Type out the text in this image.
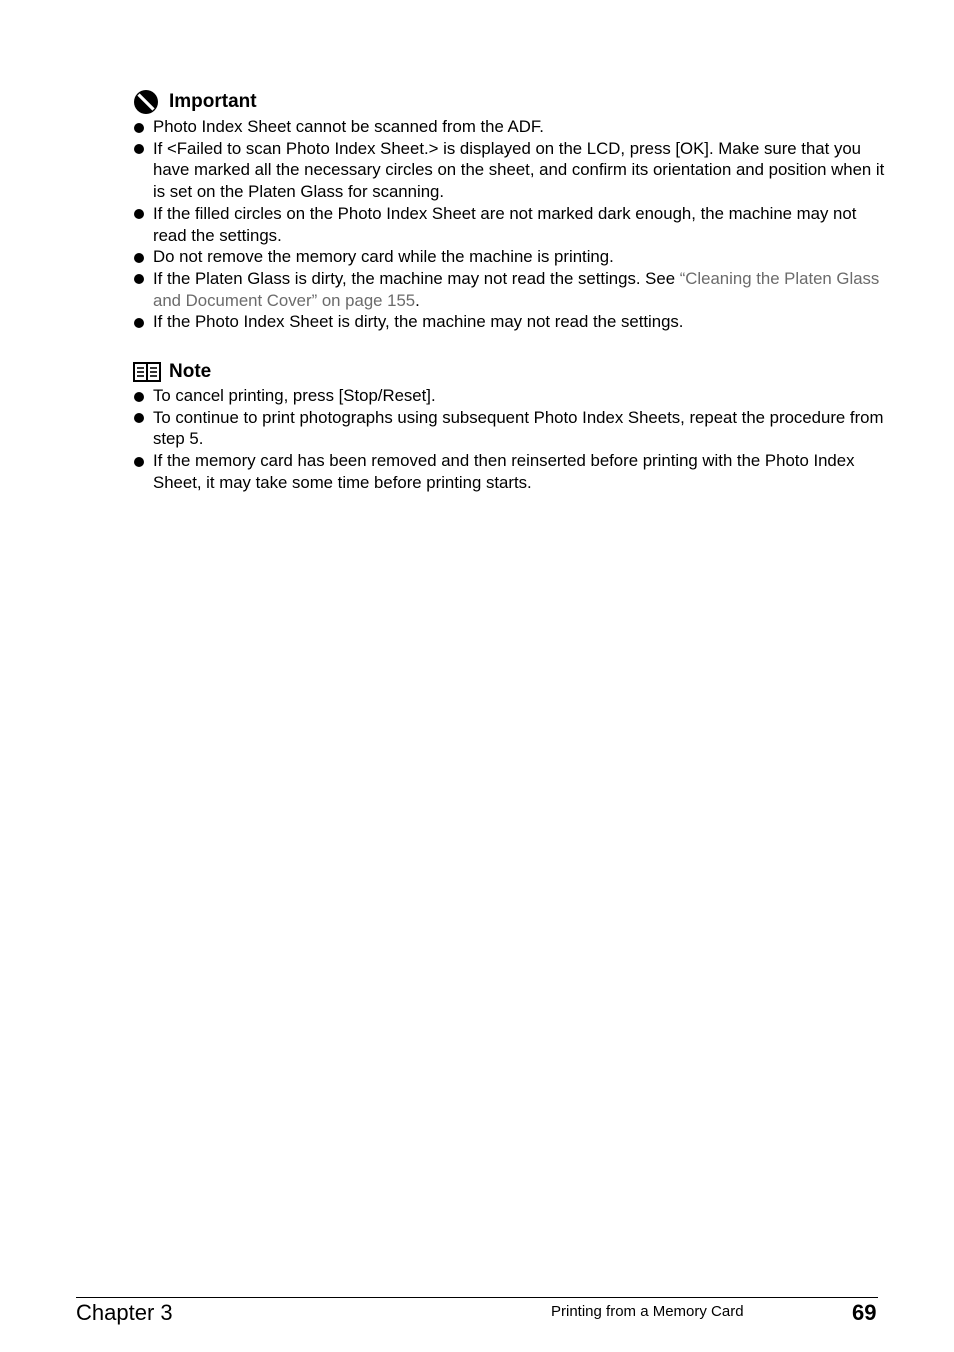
Important
Photo Index Sheet cannot be scanned from the ADF.
If <Failed to scan Photo Index Sheet.> is displayed on the LCD, press [OK]. Make sure that you have marked all the necessary circles on the sheet, and confirm its orientation and position when it is set on the Platen Glass for scanning.
If the filled circles on the Photo Index Sheet are not marked dark enough, the machine may not read the settings.
Do not remove the memory card while the machine is printing.
If the Platen Glass is dirty, the machine may not read the settings. See “Cleaning the Platen Glass and Document Cover” on page 155.
If the Photo Index Sheet is dirty, the machine may not read the settings.
Note
To cancel printing, press [Stop/Reset].
To continue to print photographs using subsequent Photo Index Sheets, repeat the procedure from step 5.
If the memory card has been removed and then reinserted before printing with the Photo Index Sheet, it may take some time before printing starts.
Chapter 3	Printing from a Memory Card	69
